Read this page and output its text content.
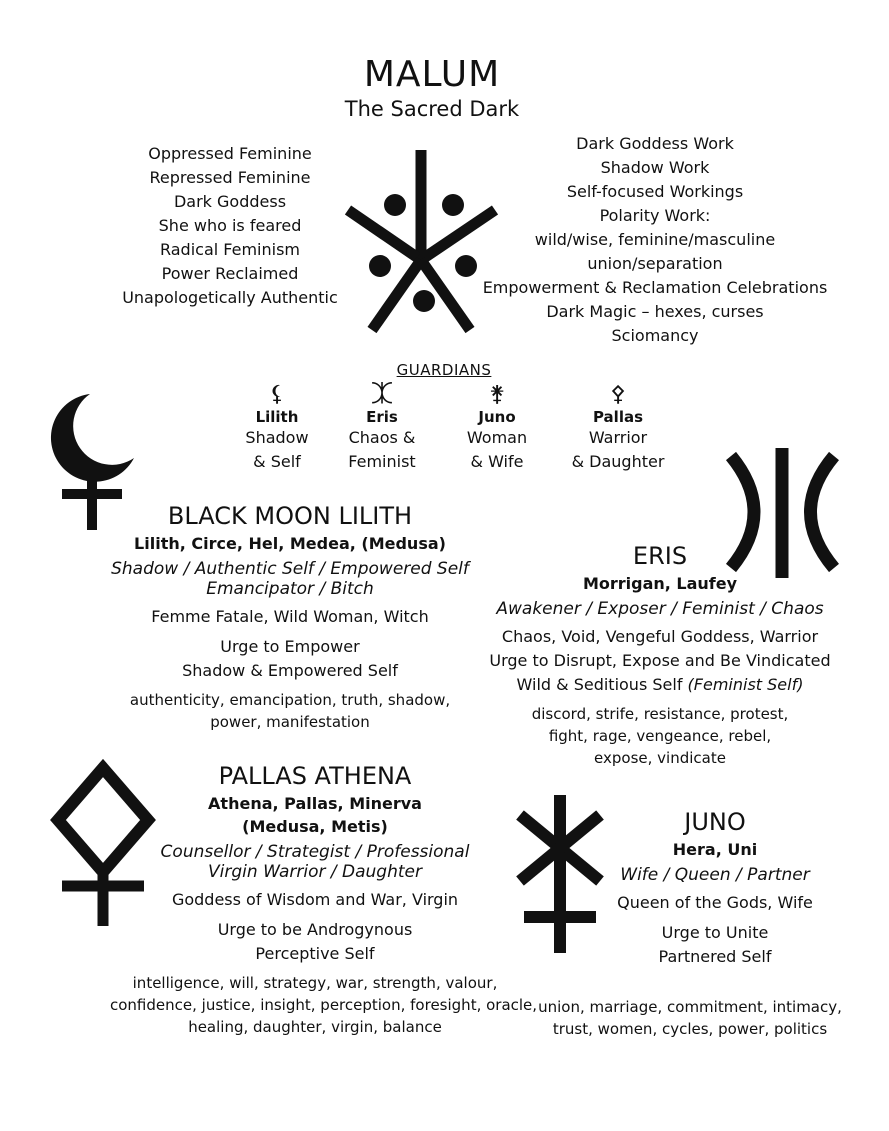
MALUM
The Sacred Dark
Oppressed Feminine
Repressed Feminine
Dark Goddess
She who is feared
Radical Feminism
Power Reclaimed
Unapologetically Authentic
Dark Goddess Work
Shadow Work
Self-focused Workings
Polarity Work:
wild/wise, feminine/masculine
union/separation
Empowerment & Reclamation Celebrations
Dark Magic – hexes, curses
Sciomancy
GUARDIANS
⚸
Lilith
Shadow
& Self
⯰
Eris
Chaos &
Feminist
⚵
Juno
Woman
& Wife
⚴
Pallas
Warrior
& Daughter
BLACK MOON LILITH
Lilith, Circe, Hel, Medea, (Medusa)
Shadow / Authentic Self / Empowered Self
Emancipator / Bitch
Femme Fatale, Wild Woman, Witch
Urge to Empower
Shadow & Empowered Self
authenticity, emancipation, truth, shadow,
power, manifestation
ERIS
Morrigan, Laufey
Awakener / Exposer / Feminist / Chaos
Chaos, Void, Vengeful Goddess, Warrior
Urge to Disrupt, Expose and Be Vindicated
Wild & Seditious Self (Feminist Self)
discord, strife, resistance, protest,
fight, rage, vengeance, rebel,
expose, vindicate
PALLAS ATHENA
Athena, Pallas, Minerva
(Medusa, Metis)
Counsellor / Strategist / Professional
Virgin Warrior / Daughter
Goddess of Wisdom and War, Virgin
Urge to be Androgynous
Perceptive Self
intelligence, will, strategy, war, strength, valour,
confidence, justice, insight, perception, foresight, oracle,
healing, daughter, virgin, balance
JUNO
Hera, Uni
Wife / Queen / Partner
Queen of the Gods, Wife
Urge to Unite
Partnered Self
union, marriage, commitment, intimacy,
trust, women, cycles, power, politics
